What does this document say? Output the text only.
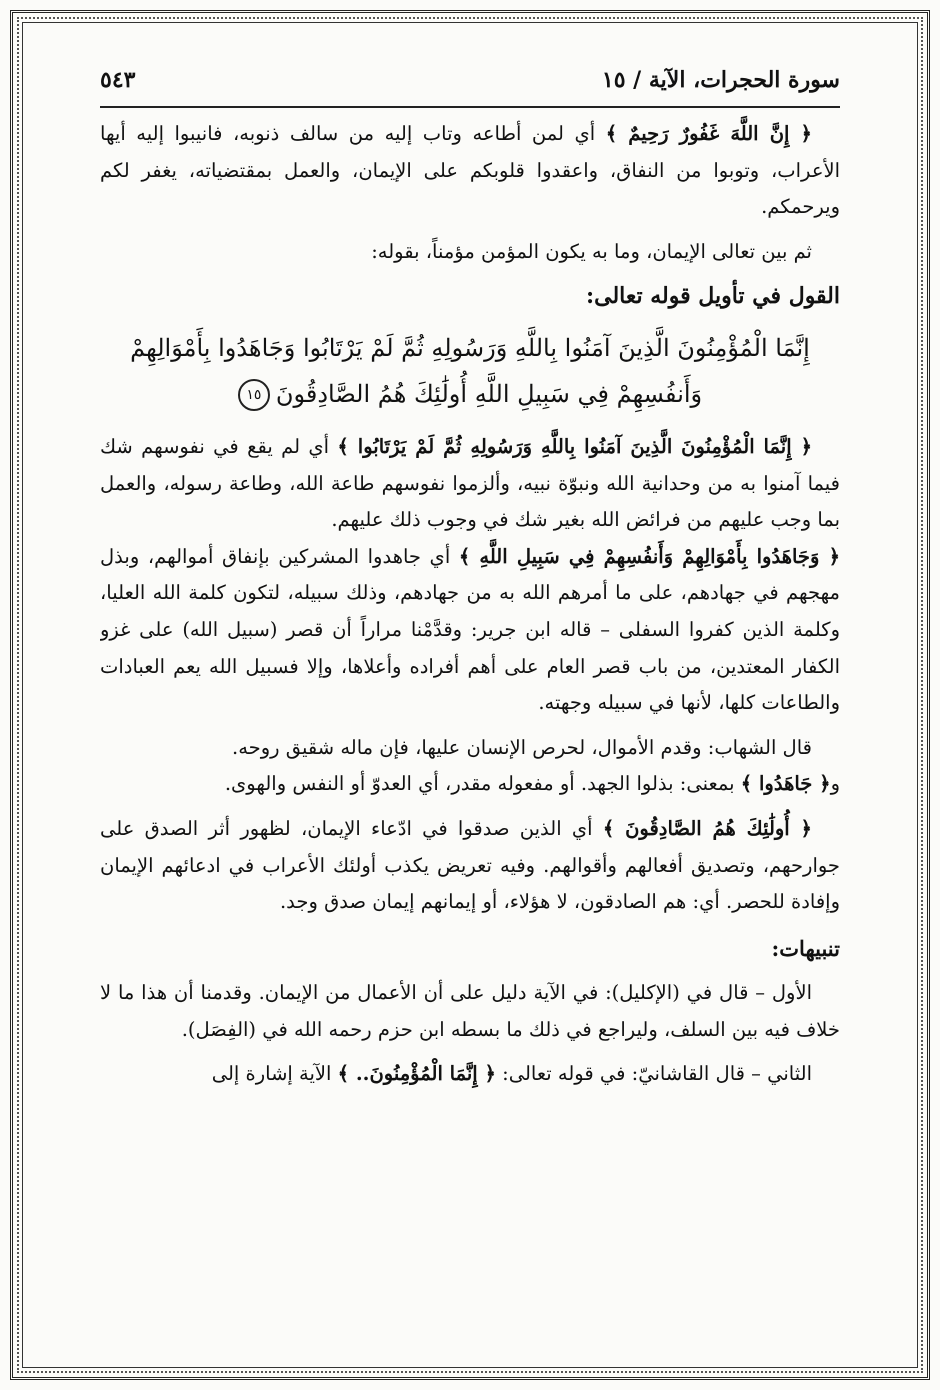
سورة الحجرات، الآية / ١٥
٥٤٣

﴿ إِنَّ اللَّهَ غَفُورٌ رَحِيمٌ ﴾ أي لمن أطاعه وتاب إليه من سالف ذنوبه، فانيبوا إليه أيها الأعراب، وتوبوا من النفاق، واعقدوا قلوبكم على الإيمان، والعمل بمقتضياته، يغفر لكم ويرحمكم.

ثم بين تعالى الإيمان، وما به يكون المؤمن مؤمناً، بقوله:

القول في تأويل قوله تعالى:
إِنَّمَا الْمُؤْمِنُونَ الَّذِينَ آمَنُوا بِاللَّهِ وَرَسُولِهِ ثُمَّ لَمْ يَرْتَابُوا وَجَاهَدُوا بِأَمْوَالِهِمْ
وَأَنفُسِهِمْ فِي سَبِيلِ اللَّهِ أُولَٰئِكَ هُمُ الصَّادِقُونَ١٥

﴿ إِنَّمَا الْمُؤْمِنُونَ الَّذِينَ آمَنُوا بِاللَّهِ وَرَسُولِهِ ثُمَّ لَمْ يَرْتَابُوا ﴾ أي لم يقع في نفوسهم شك فيما آمنوا به من وحدانية الله ونبوّة نبيه، وألزموا نفوسهم طاعة الله، وطاعة رسوله، والعمل بما وجب عليهم من فرائض الله بغير شك في وجوب ذلك عليهم.
﴿ وَجَاهَدُوا بِأَمْوَالِهِمْ وَأَنفُسِهِمْ فِي سَبِيلِ اللَّهِ ﴾ أي جاهدوا المشركين بإنفاق أموالهم، وبذل مهجهم في جهادهم، على ما أمرهم الله به من جهادهم، وذلك سبيله، لتكون كلمة الله العليا، وكلمة الذين كفروا السفلى – قاله ابن جرير: وقدَّمْنا مراراً أن قصر (سبيل الله) على غزو الكفار المعتدين، من باب قصر العام على أهم أفراده وأعلاها، وإلا فسبيل الله يعم العبادات والطاعات كلها، لأنها في سبيله وجهته.

قال الشهاب: وقدم الأموال، لحرص الإنسان عليها، فإن ماله شقيق روحه.
و﴿ جَاهَدُوا ﴾ بمعنى: بذلوا الجهد. أو مفعوله مقدر، أي العدوّ أو النفس والهوى.

﴿ أُولَٰئِكَ هُمُ الصَّادِقُونَ ﴾ أي الذين صدقوا في ادّعاء الإيمان، لظهور أثر الصدق على جوارحهم، وتصديق أفعالهم وأقوالهم. وفيه تعريض يكذب أولئك الأعراب في ادعائهم الإيمان وإفادة للحصر. أي: هم الصادقون، لا هؤلاء، أو إيمانهم إيمان صدق وجد.

تنبيهات:

الأول – قال في (الإكليل): في الآية دليل على أن الأعمال من الإيمان. وقدمنا أن هذا ما لا خلاف فيه بين السلف، وليراجع في ذلك ما بسطه ابن حزم رحمه الله في (الفِصَل).

الثاني – قال القاشانيّ: في قوله تعالى: ﴿ إِنَّمَا الْمُؤْمِنُونَ.. ﴾ الآية إشارة إلى
